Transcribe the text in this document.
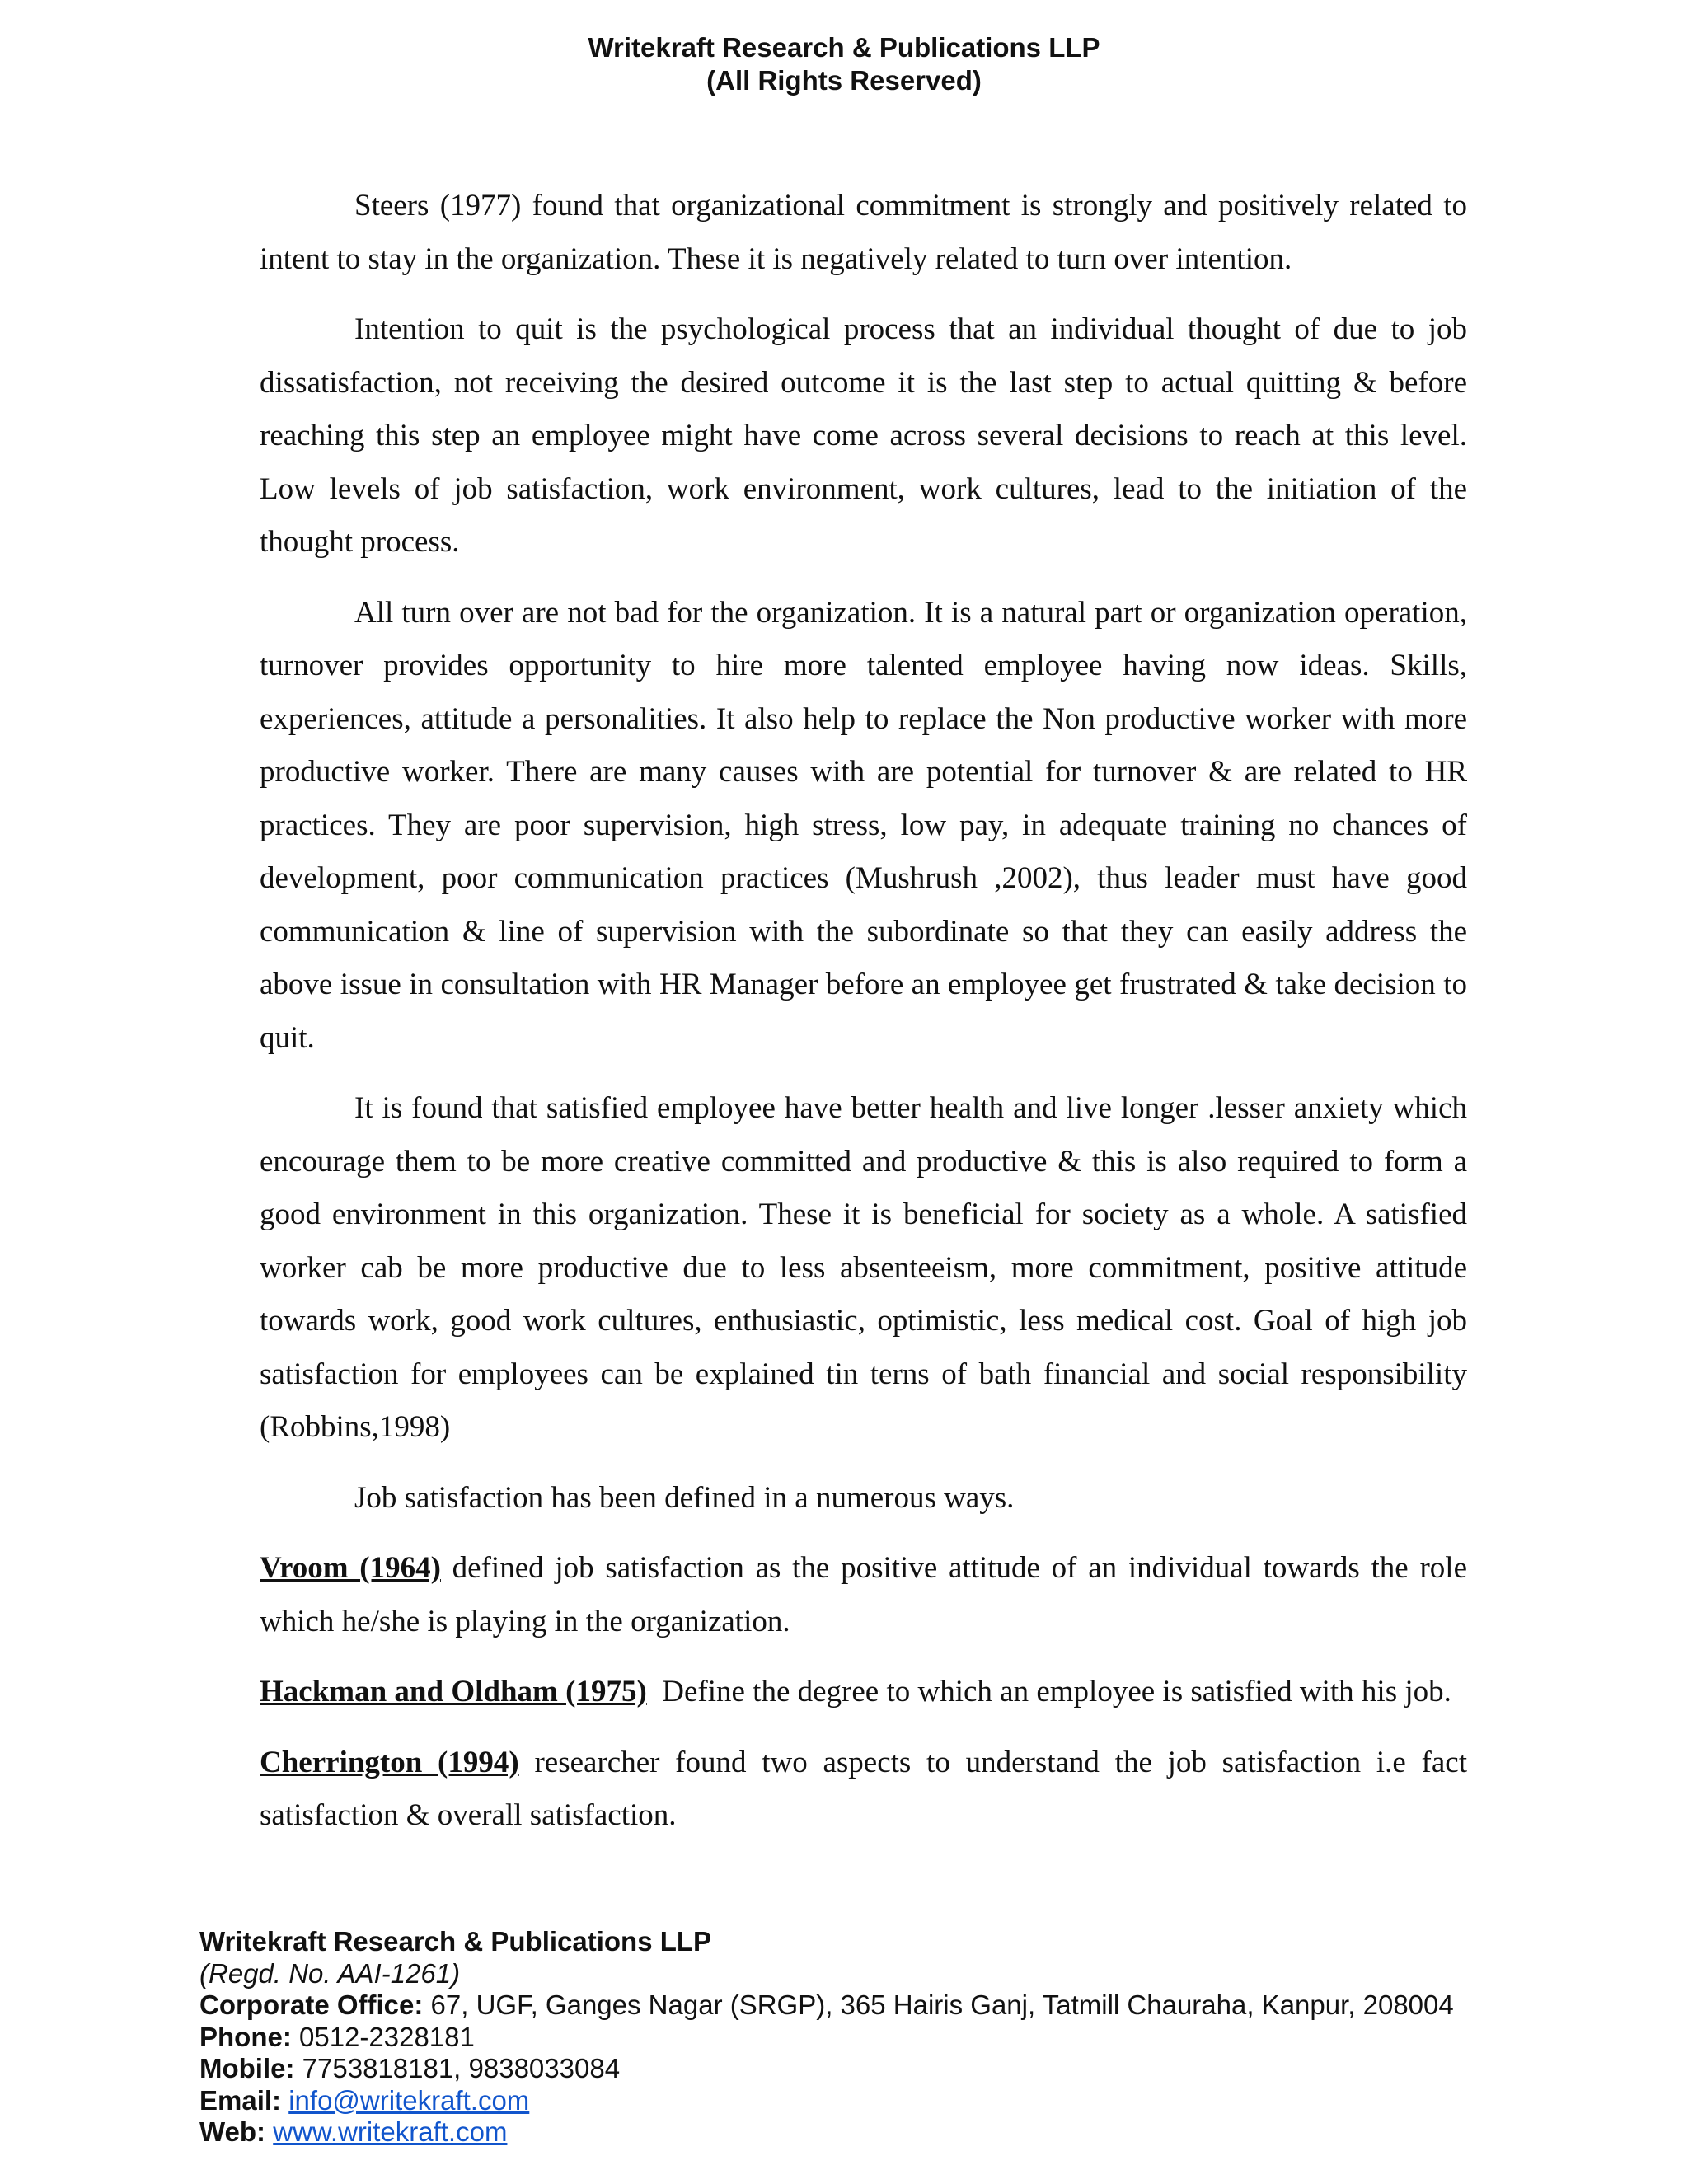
Writekraft Research & Publications LLP
(All Rights Reserved)

Steers (1977) found that organizational commitment is strongly and positively related to intent to stay in the organization. These it is negatively related to turn over intention.

Intention to quit is the psychological process that an individual thought of due to job dissatisfaction, not receiving the desired outcome it is the last step to actual quitting & before reaching this step an employee might have come across several decisions to reach at this level. Low levels of job satisfaction, work environment, work cultures, lead to the initiation of the thought process.

All turn over are not bad for the organization. It is a natural part or organization operation, turnover provides opportunity to hire more talented employee having now ideas. Skills, experiences, attitude a personalities. It also help to replace the Non productive worker with more productive worker. There are many causes with are potential for turnover & are related to HR practices. They are poor supervision, high stress, low pay, in adequate training no chances of development, poor communication practices (Mushrush ,2002), thus leader must have good communication & line of supervision with the subordinate so that they can easily address the above issue in consultation with HR Manager before an employee get frustrated & take decision to quit.

It is found that satisfied employee have better health and live longer .lesser anxiety which encourage them to be more creative committed and productive & this is also required to form a good environment in this organization. These it is beneficial for society as a whole. A satisfied worker cab be more productive due to less absenteeism, more commitment, positive attitude towards work, good work cultures, enthusiastic, optimistic, less medical cost. Goal of high job satisfaction for employees can be explained tin terns of bath financial and social responsibility (Robbins,1998)

Job satisfaction has been defined in a numerous ways.

Vroom (1964) defined job satisfaction as the positive attitude of an individual towards the role which he/she is playing in the organization.

Hackman and Oldham (1975)  Define the degree to which an employee is satisfied with his job.

Cherrington (1994) researcher found two aspects to understand the job satisfaction i.e fact satisfaction & overall satisfaction.

Writekraft Research & Publications LLP
(Regd. No. AAI-1261)
Corporate Office: 67, UGF, Ganges Nagar (SRGP), 365 Hairis Ganj, Tatmill Chauraha, Kanpur, 208004
Phone: 0512-2328181
Mobile: 7753818181, 9838033084
Email: info@writekraft.com
Web: www.writekraft.com
